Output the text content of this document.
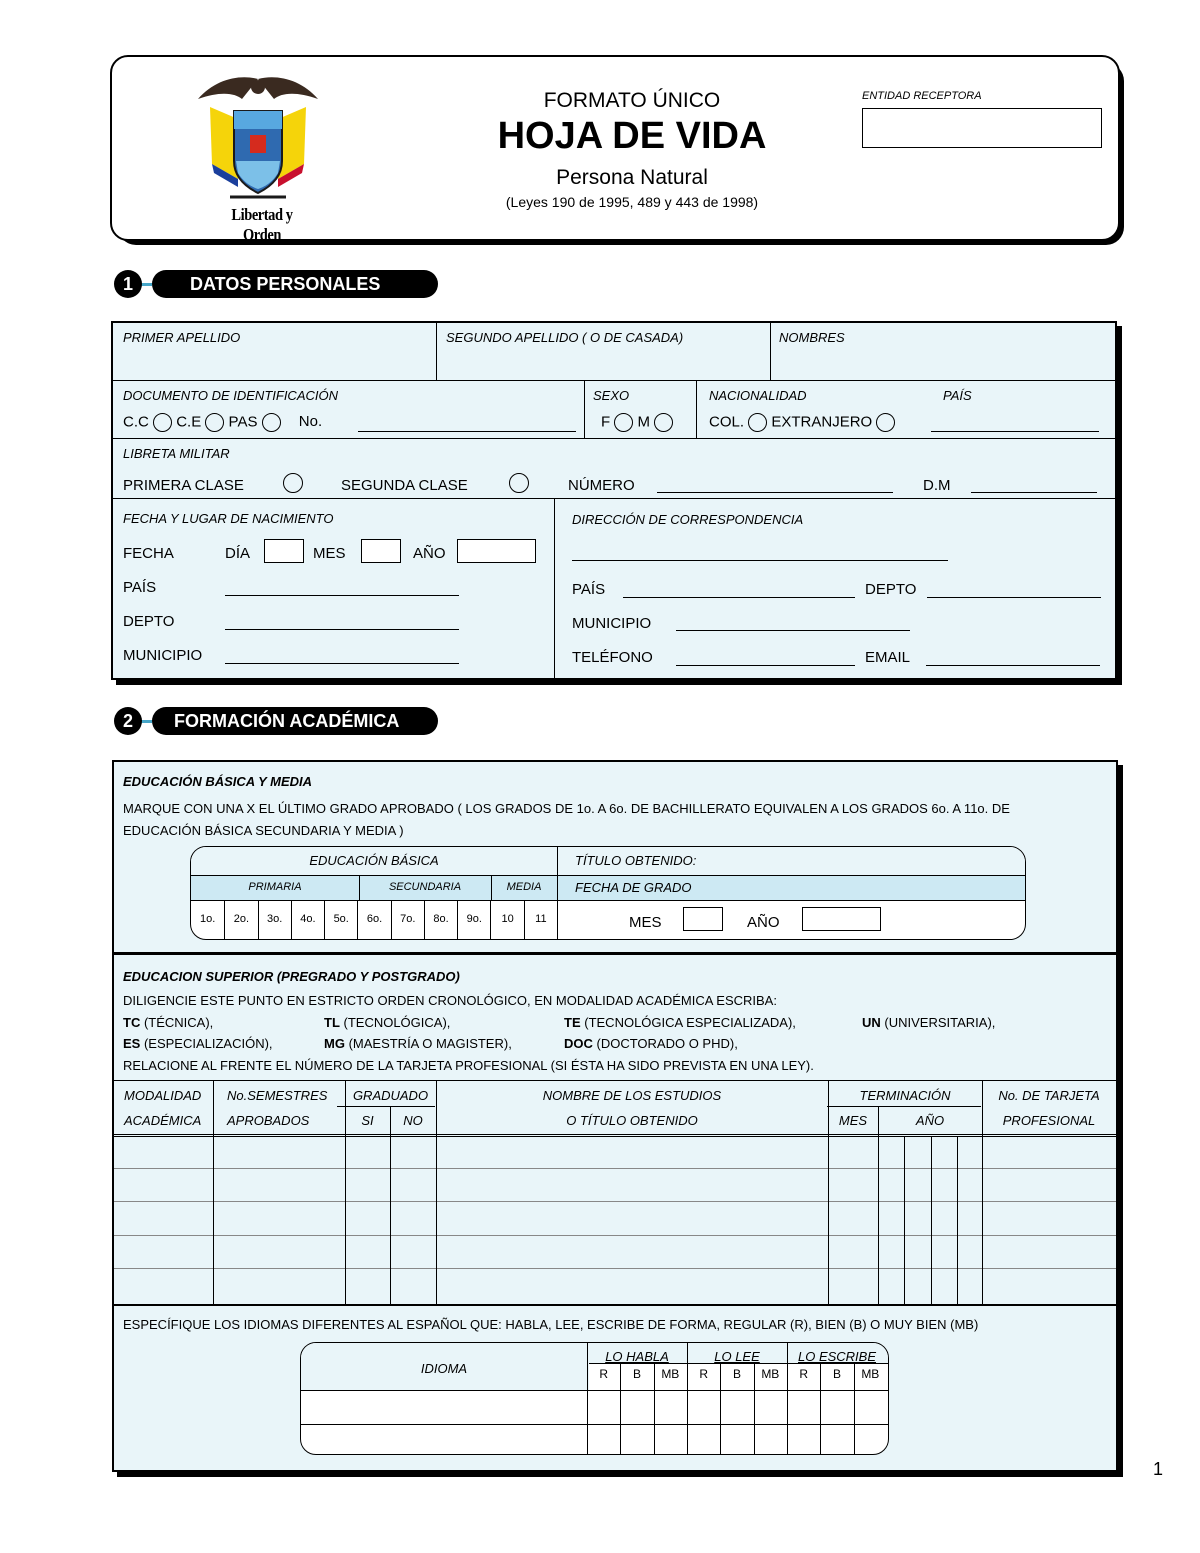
Libertad y Orden
FORMATO ÚNICO
HOJA DE VIDA
Persona Natural
(Leyes 190 de 1995, 489 y 443 de 1998)
ENTIDAD RECEPTORA
DATOS PERSONALES
1
PRIMER APELLIDO	SEGUNDO APELLIDO ( O DE CASADA)	NOMBRES
DOCUMENTO DE IDENTIFICACIÓN
C.C C.E PAS	No.
SEXO
F M
NACIONALIDAD	PAÍS
COL. EXTRANJERO
LIBRETA MILITAR
PRIMERA CLASE	SEGUNDA CLASE	NÚMERO	D.M
FECHA Y LUGAR DE NACIMIENTO
FECHA	DÍA	MES	AÑO
PAÍS
DEPTO
MUNICIPIO
DIRECCIÓN DE CORRESPONDENCIA
PAÍS	DEPTO
MUNICIPIO
TELÉFONO	EMAIL
FORMACIÓN ACADÉMICA
2
EDUCACIÓN BÁSICA Y MEDIA
MARQUE CON UNA X EL ÚLTIMO GRADO APROBADO ( LOS GRADOS DE 1o. A 6o. DE BACHILLERATO EQUIVALEN A LOS GRADOS 6o. A 11o. DE EDUCACIÓN BÁSICA SECUNDARIA Y MEDIA )
EDUCACIÓN BÁSICA
PRIMARIA	SECUNDARIA	MEDIA
1o.	2o.	3o.	4o.	5o.	6o.	7o.	8o.	9o.	10	11
TÍTULO OBTENIDO:
FECHA DE GRADO
MES	AÑO
EDUCACION SUPERIOR (PREGRADO Y POSTGRADO)
DILIGENCIE ESTE PUNTO EN ESTRICTO ORDEN CRONOLÓGICO, EN MODALIDAD ACADÉMICA ESCRIBA:
TC (TÉCNICA),	TL (TECNOLÓGICA),	TE (TECNOLÓGICA ESPECIALIZADA),	UN (UNIVERSITARIA),
ES (ESPECIALIZACIÓN),	MG (MAESTRÍA O MAGISTER),	DOC (DOCTORADO O PHD),
RELACIONE AL FRENTE EL NÚMERO DE LA TARJETA PROFESIONAL (SI ÉSTA HA SIDO PREVISTA EN UNA LEY).
MODALIDAD
ACADÉMICA
No.SEMESTRES
APROBADOS
GRADUADO
SI	NO
NOMBRE DE LOS ESTUDIOS
O TÍTULO OBTENIDO
TERMINACIÓN
MES	AÑO
No. DE TARJETA
PROFESIONAL
ESPECÍFIQUE LOS IDIOMAS DIFERENTES AL ESPAÑOL QUE: HABLA, LEE, ESCRIBE DE FORMA, REGULAR (R), BIEN (B) O MUY BIEN (MB)
IDIOMA
LO HABLA
R	B	MB
LO LEE
R	B	MB
LO ESCRIBE
R	B	MB
1
